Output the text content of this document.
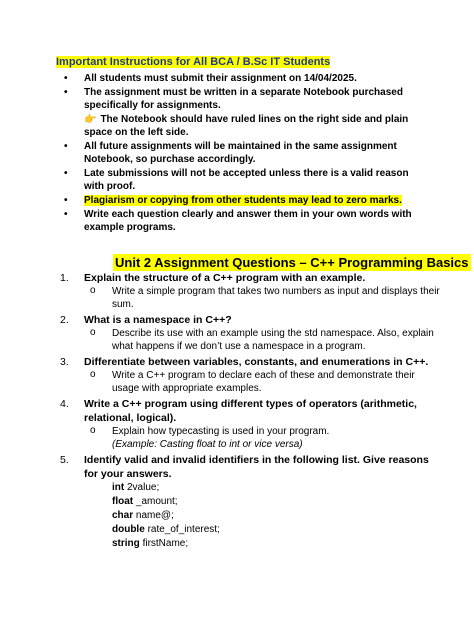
Important Instructions for All BCA / B.Sc IT Students
• All students must submit their assignment on 14/04/2025.
• The assignment must be written in a separate Notebook purchased specifically for assignments.
👉 The Notebook should have ruled lines on the right side and plain space on the left side.
• All future assignments will be maintained in the same assignment Notebook, so purchase accordingly.
• Late submissions will not be accepted unless there is a valid reason with proof.
• Plagiarism or copying from other students may lead to zero marks.
• Write each question clearly and answer them in your own words with example programs.
Unit 2 Assignment Questions – C++ Programming Basics
1. Explain the structure of a C++ program with an example.
o Write a simple program that takes two numbers as input and displays their sum.
2. What is a namespace in C++?
o Describe its use with an example using the std namespace. Also, explain what happens if we don’t use a namespace in a program.
3. Differentiate between variables, constants, and enumerations in C++.
o Write a C++ program to declare each of these and demonstrate their usage with appropriate examples.
4. Write a C++ program using different types of operators (arithmetic, relational, logical).
o Explain how typecasting is used in your program.
(Example: Casting float to int or vice versa)
5. Identify valid and invalid identifiers in the following list. Give reasons for your answers.
int 2value;
float _amount;
char name@;
double rate_of_interest;
string firstName;
